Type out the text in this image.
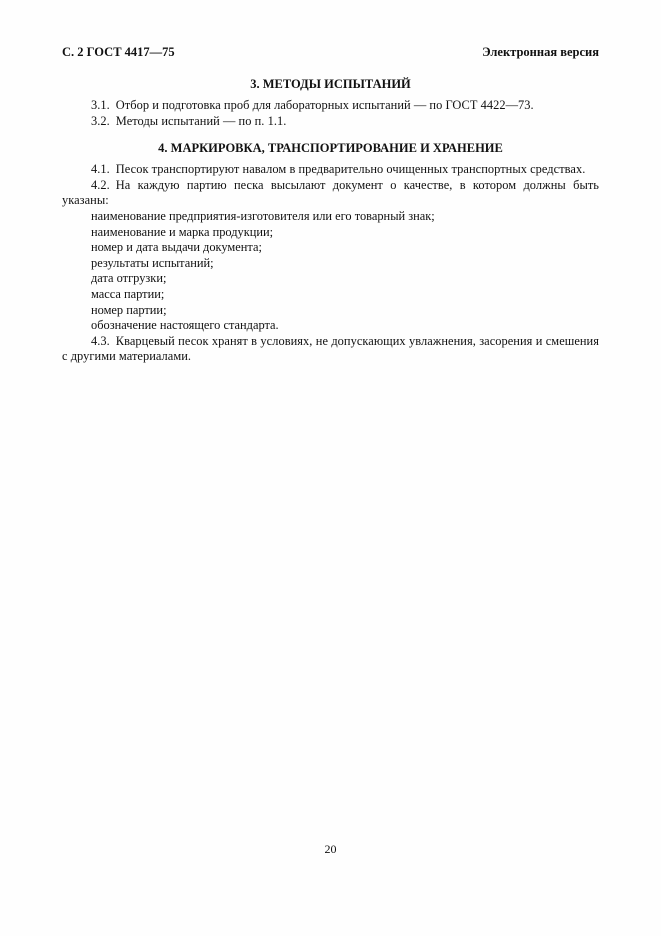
С. 2 ГОСТ 4417—75	Электронная версия
3. МЕТОДЫ ИСПЫТАНИЙ

3.1. Отбор и подготовка проб для лабораторных испытаний — по ГОСТ 4422—73.

3.2. Методы испытаний — по п. 1.1.

4. МАРКИРОВКА, ТРАНСПОРТИРОВАНИЕ И ХРАНЕНИЕ

4.1. Песок транспортируют навалом в предварительно очищенных транспортных средствах.

4.2. На каждую партию песка высылают документ о качестве, в котором должны быть указаны:

наименование предприятия-изготовителя или его товарный знак;

наименование и марка продукции;

номер и дата выдачи документа;

результаты испытаний;

дата отгрузки;

масса партии;

номер партии;

обозначение настоящего стандарта.

4.3. Кварцевый песок хранят в условиях, не допускающих увлажнения, засорения и смешения с другими материалами.

20
